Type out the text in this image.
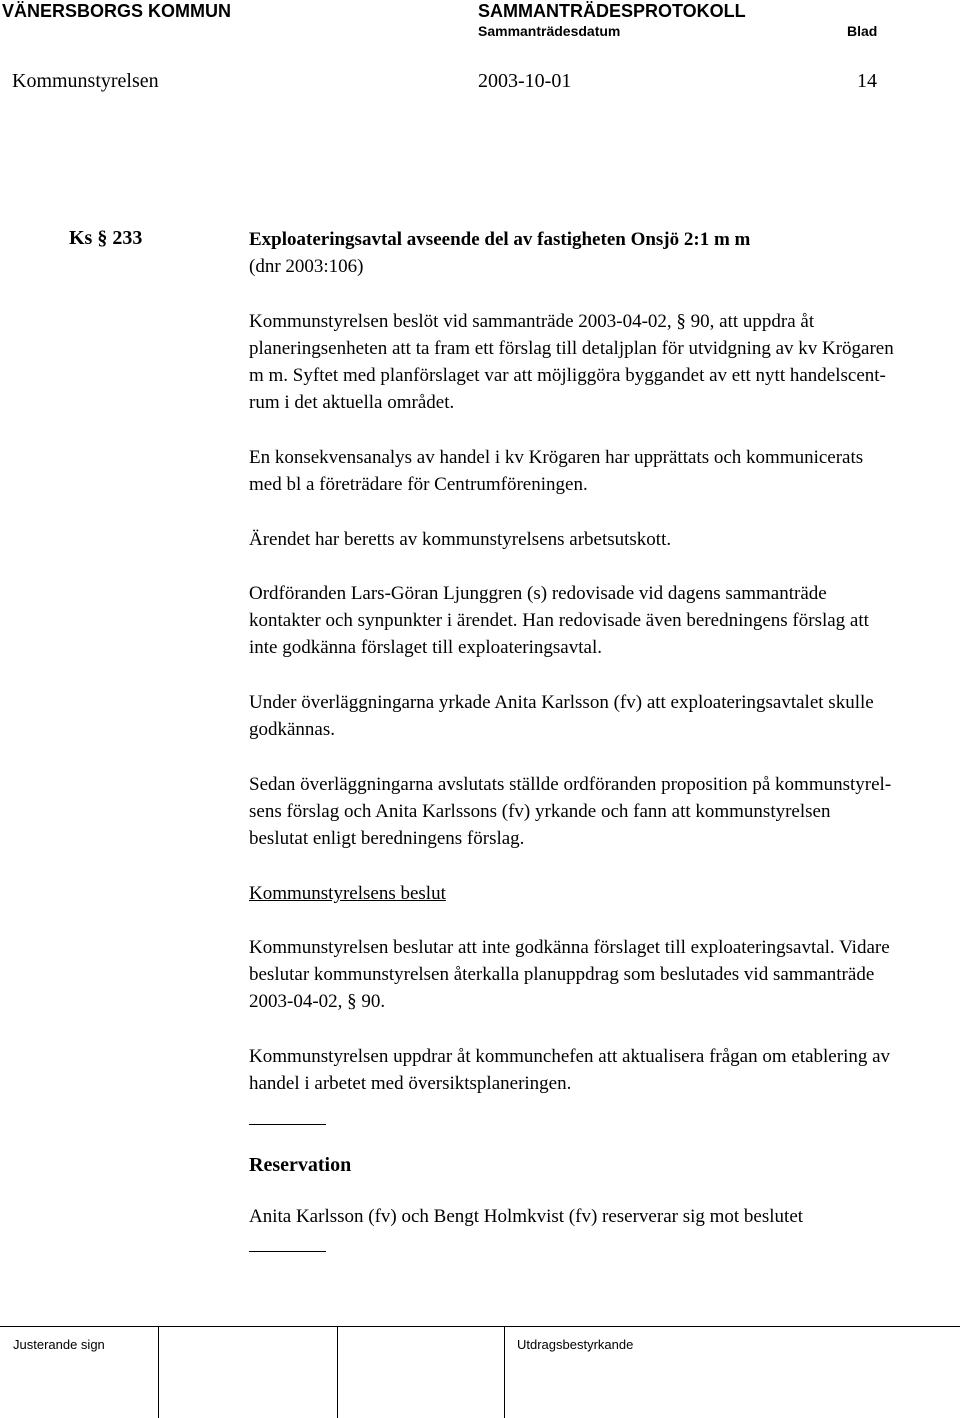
VÄNERSBORGS KOMMUN	SAMMANTRÄDESPROTOKOLL
Sammanträdesdatum	Blad
Kommunstyrelsen	2003-10-01	14
Ks § 233	Exploateringsavtal avseende del av fastigheten Onsjö 2:1 m m

(dnr 2003:106)

Kommunstyrelsen beslöt vid sammanträde 2003-04-02, § 90, att uppdra åt
planeringsenheten att ta fram ett förslag till detaljplan för utvidgning av kv Krögaren
m m. Syftet med planförslaget var att möjliggöra byggandet av ett nytt handelscent-
rum i det aktuella området.

En konsekvensanalys av handel i kv Krögaren har upprättats och kommunicerats
med bl a företrädare för Centrumföreningen.

Ärendet har beretts av kommunstyrelsens arbetsutskott.

Ordföranden Lars-Göran Ljunggren (s) redovisade vid dagens sammanträde
kontakter och synpunkter i ärendet. Han redovisade även beredningens förslag att
inte godkänna förslaget till exploateringsavtal.

Under överläggningarna yrkade Anita Karlsson (fv) att exploateringsavtalet skulle
godkännas.

Sedan överläggningarna avslutats ställde ordföranden proposition på kommunstyrel-
sens förslag och Anita Karlssons (fv) yrkande och fann att kommunstyrelsen
beslutat enligt beredningens förslag.

Kommunstyrelsens beslut

Kommunstyrelsen beslutar att inte godkänna förslaget till exploateringsavtal. Vidare
beslutar kommunstyrelsen återkalla planuppdrag som beslutades vid sammanträde
2003-04-02, § 90.

Kommunstyrelsen uppdrar åt kommunchefen att aktualisera frågan om etablering av
handel i arbetet med översiktsplaneringen.

Reservation
Anita Karlsson (fv) och Bengt Holmkvist (fv) reserverar sig mot beslutet
Justerande sign	Utdragsbestyrkande
